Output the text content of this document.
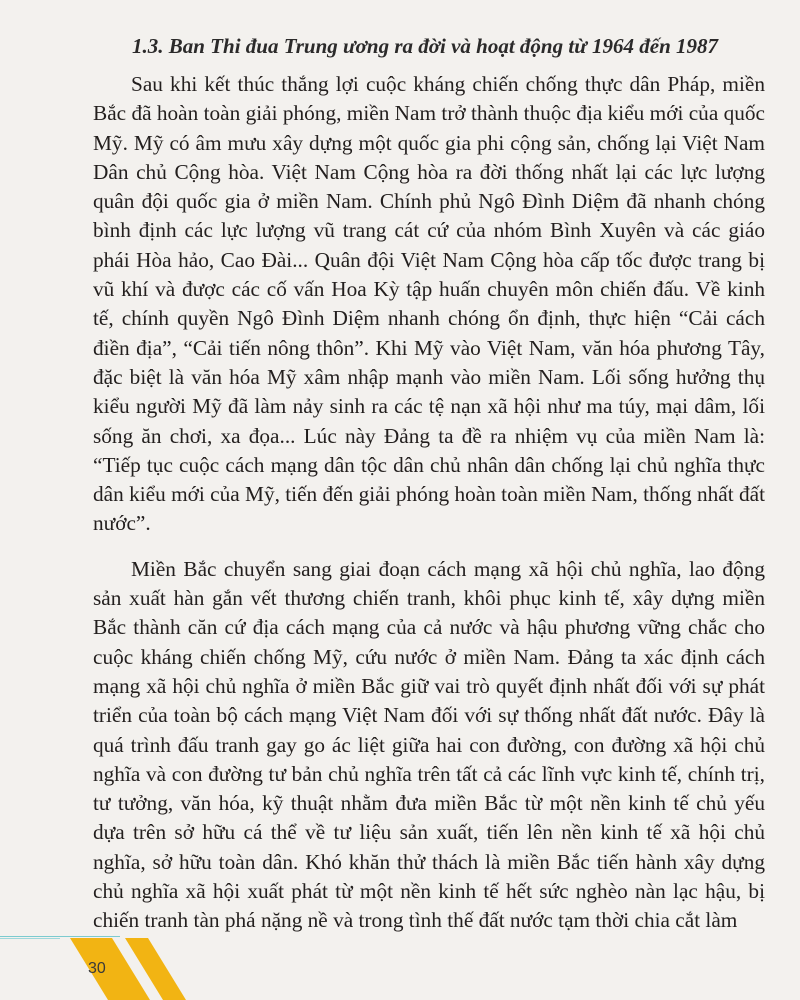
1.3. Ban Thi đua Trung ương ra đời và hoạt động từ 1964 đến 1987

Sau khi kết thúc thắng lợi cuộc kháng chiến chống thực dân Pháp, miền Bắc đã hoàn toàn giải phóng, miền Nam trở thành thuộc địa kiểu mới của quốc Mỹ. Mỹ có âm mưu xây dựng một quốc gia phi cộng sản, chống lại Việt Nam Dân chủ Cộng hòa. Việt Nam Cộng hòa ra đời thống nhất lại các lực lượng quân đội quốc gia ở miền Nam. Chính phủ Ngô Đình Diệm đã nhanh chóng bình định các lực lượng vũ trang cát cứ của nhóm Bình Xuyên và các giáo phái Hòa hảo, Cao Đài... Quân đội Việt Nam Cộng hòa cấp tốc được trang bị vũ khí và được các cố vấn Hoa Kỳ tập huấn chuyên môn chiến đấu. Về kinh tế, chính quyền Ngô Đình Diệm nhanh chóng ổn định, thực hiện “Cải cách điền địa”, “Cải tiến nông thôn”. Khi Mỹ vào Việt Nam, văn hóa phương Tây, đặc biệt là văn hóa Mỹ xâm nhập mạnh vào miền Nam. Lối sống hưởng thụ kiểu người Mỹ đã làm nảy sinh ra các tệ nạn xã hội như ma túy, mại dâm, lối sống ăn chơi, xa đọa... Lúc này Đảng ta đề ra nhiệm vụ của miền Nam là: “Tiếp tục cuộc cách mạng dân tộc dân chủ nhân dân chống lại chủ nghĩa thực dân kiểu mới của Mỹ, tiến đến giải phóng hoàn toàn miền Nam, thống nhất đất nước”.

Miền Bắc chuyển sang giai đoạn cách mạng xã hội chủ nghĩa, lao động sản xuất hàn gắn vết thương chiến tranh, khôi phục kinh tế, xây dựng miền Bắc thành căn cứ địa cách mạng của cả nước và hậu phương vững chắc cho cuộc kháng chiến chống Mỹ, cứu nước ở miền Nam. Đảng ta xác định cách mạng xã hội chủ nghĩa ở miền Bắc giữ vai trò quyết định nhất đối với sự phát triển của toàn bộ cách mạng Việt Nam đối với sự thống nhất đất nước. Đây là quá trình đấu tranh gay go ác liệt giữa hai con đường, con đường xã hội chủ nghĩa và con đường tư bản chủ nghĩa trên tất cả các lĩnh vực kinh tế, chính trị, tư tưởng, văn hóa, kỹ thuật nhằm đưa miền Bắc từ một nền kinh tế chủ yếu dựa trên sở hữu cá thể về tư liệu sản xuất, tiến lên nền kinh tế xã hội chủ nghĩa, sở hữu toàn dân. Khó khăn thử thách là miền Bắc tiến hành xây dựng chủ nghĩa xã hội xuất phát từ một nền kinh tế hết sức nghèo nàn lạc hậu, bị chiến tranh tàn phá nặng nề và trong tình thế đất nước tạm thời chia cắt làm

30
